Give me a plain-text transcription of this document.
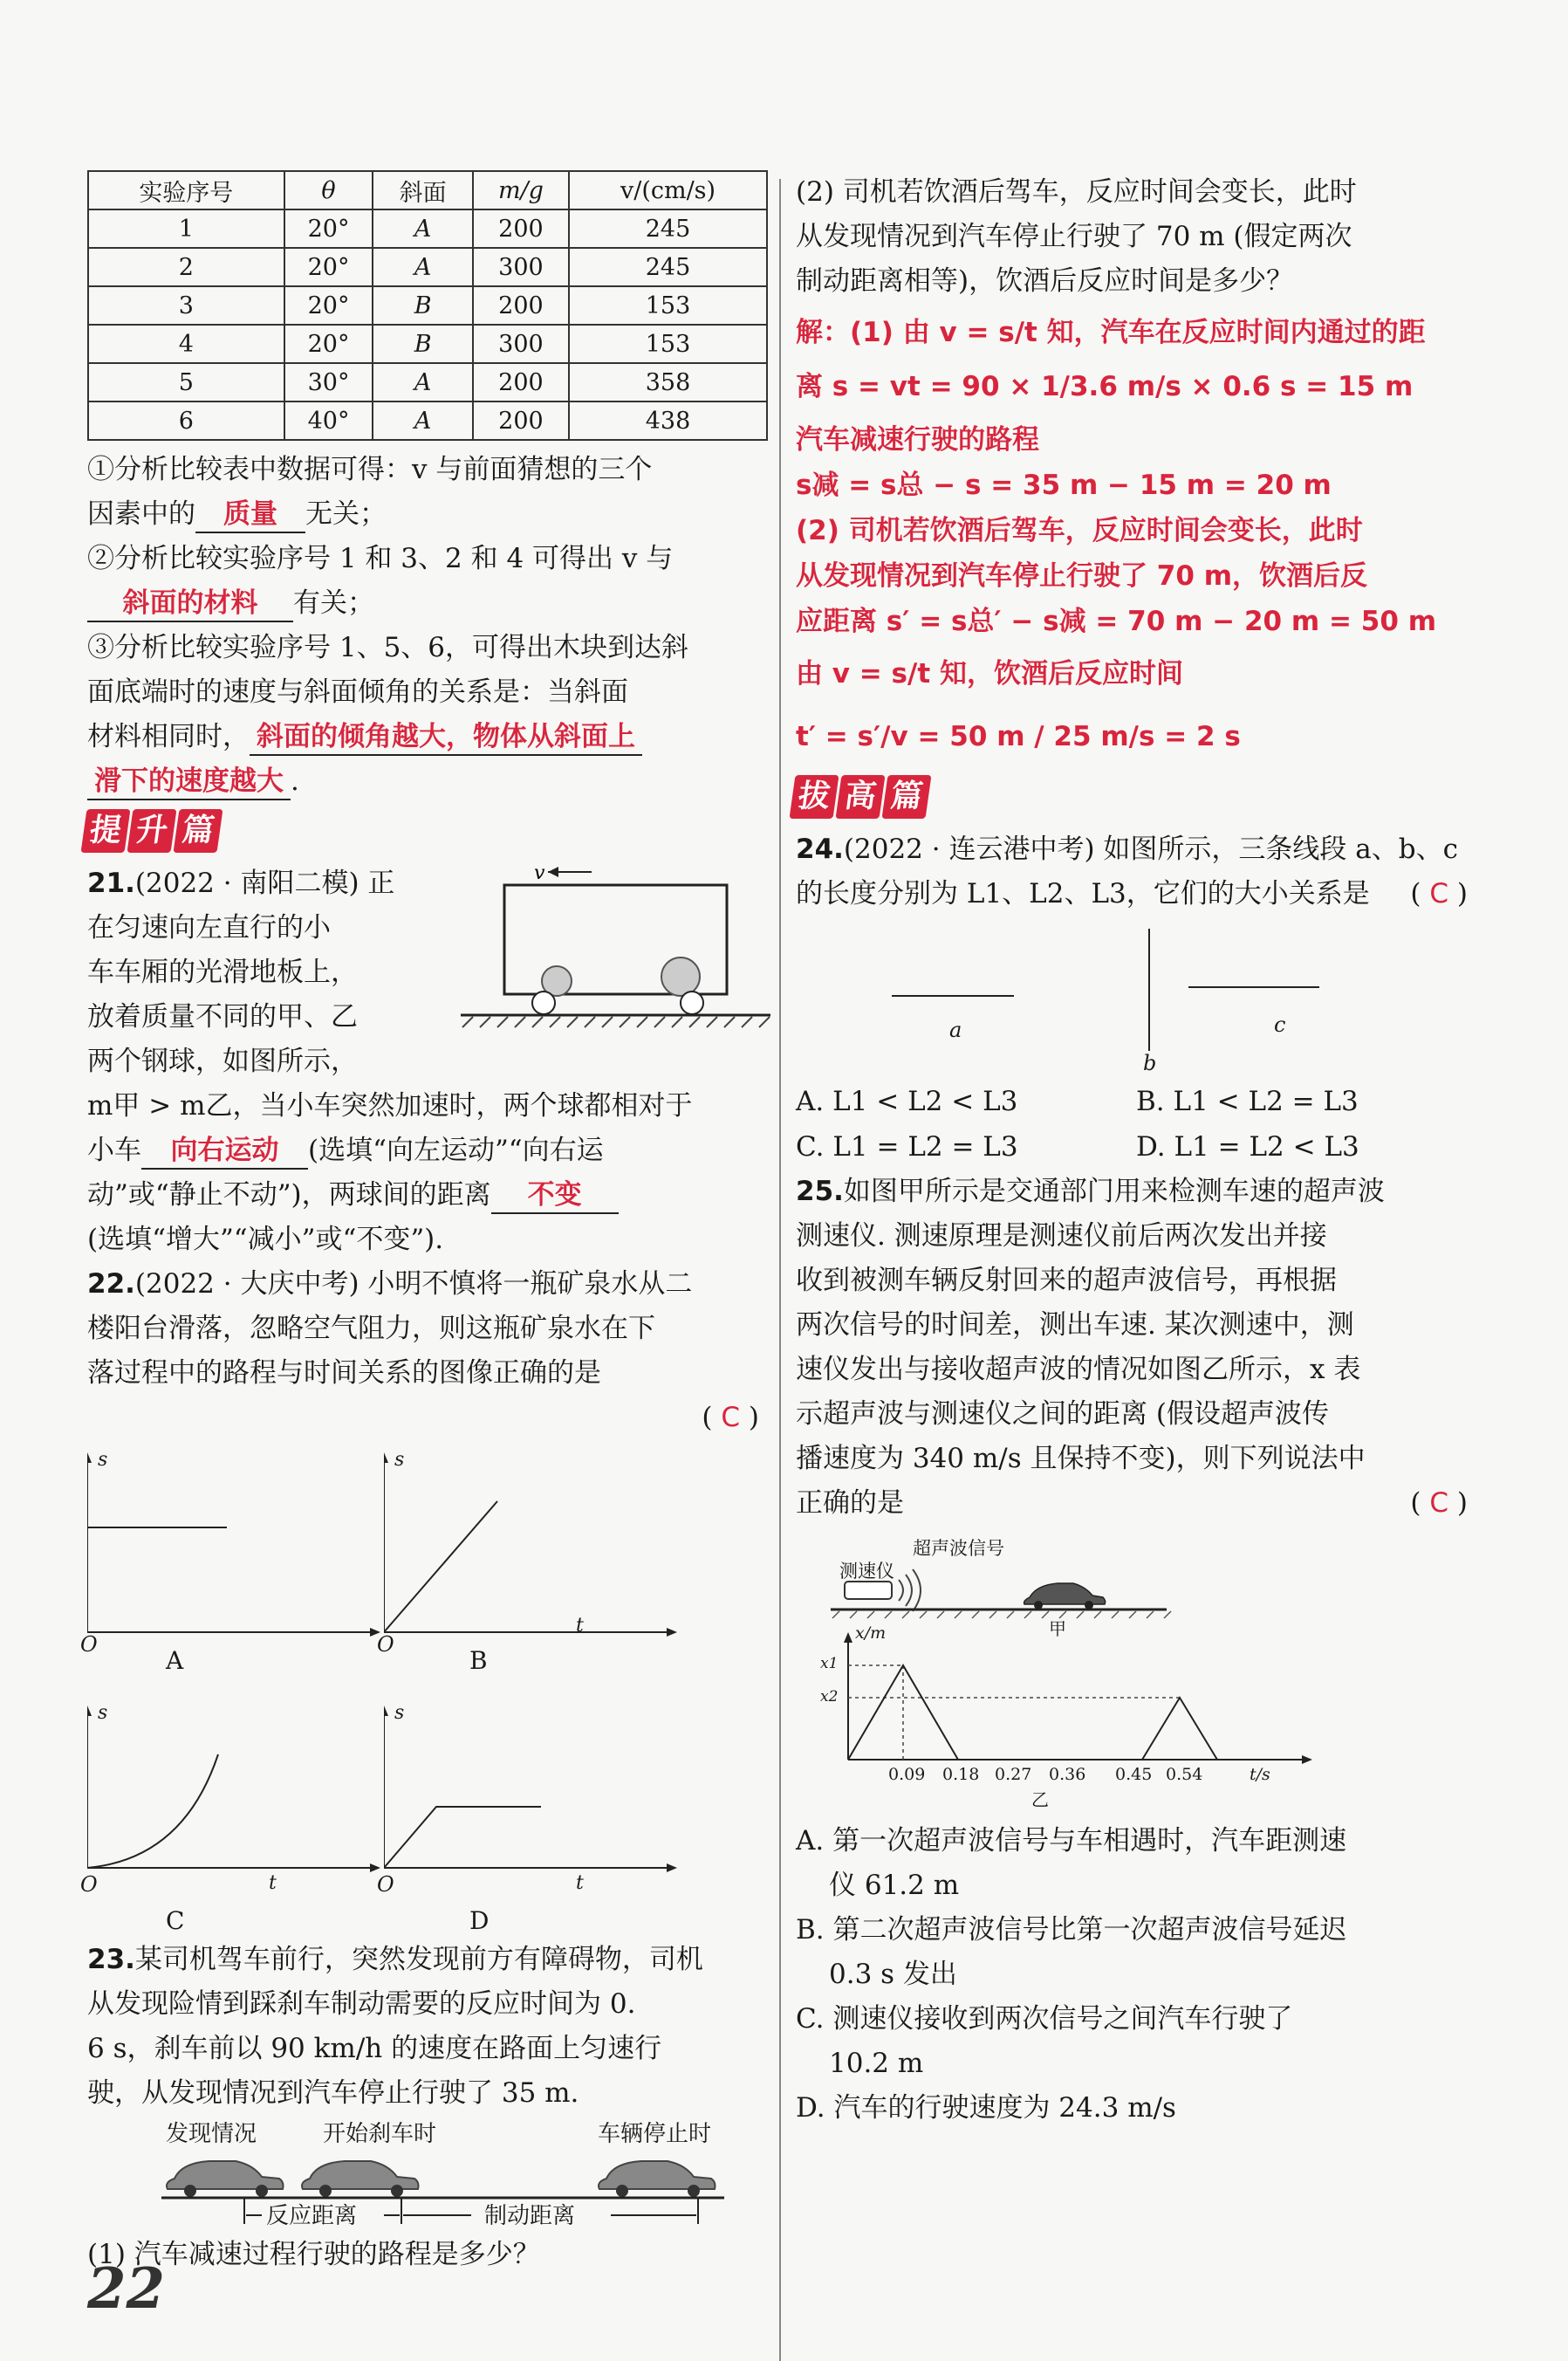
实验序号	θ	斜面	m/g	v/(cm/s)
1	20°	A	200	245
2	20°	A	300	245
3	20°	B	200	153
4	20°	B	300	153
5	30°	A	200	358
6	40°	A	200	438

①分析比较表中数据可得：v 与前面猜想的三个

因素中的 质量 无关；

②分析比较实验序号 1 和 3、2 和 4 可得出 v 与

斜面的材料 有关；

③分析比较实验序号 1、5、6，可得出木块到达斜

面底端时的速度与斜面倾角的关系是：当斜面

材料相同时， 斜面的倾角越大，物体从斜面上

滑下的速度越大 .

提 升 篇
v

21.(2022 · 南阳二模) 正

在匀速向左直行的小

车车厢的光滑地板上，

放着质量不同的甲、乙

两个钢球，如图所示，

m甲 > m乙，当小车突然加速时，两个球都相对于

小车 向右运动 (选填“向左运动”“向右运

动”或“静止不动”)，两球间的距离 不变

(选填“增大”“减小”或“不变”).

22.(2022 · 大庆中考) 小明不慎将一瓶矿泉水从二

楼阳台滑落，忽略空气阻力，则这瓶矿泉水在下

落过程中的路程与时间关系的图像正确的是

( C )

s
O
A
s
t
O
B
s
t
O
C
s
t
O
D

23.某司机驾车前行，突然发现前方有障碍物，司机

从发现险情到踩刹车制动需要的反应时间为 0.

6 s，刹车前以 90 km/h 的速度在路面上匀速行

驶，从发现情况到汽车停止行驶了 35 m.

发现情况	开始刹车时	车辆停止时
反应距离	制动距离

(1) 汽车减速过程行驶的路程是多少？

(2) 司机若饮酒后驾车，反应时间会变长，此时

从发现情况到汽车停止行驶了 70 m (假定两次

制动距离相等)，饮酒后反应时间是多少？

解：(1) 由 v = s/t 知，汽车在反应时间内通过的距

离 s = vt = 90 × 1/3.6 m/s × 0.6 s = 15 m

汽车减速行驶的路程

s减 = s总 − s = 35 m − 15 m = 20 m

(2) 司机若饮酒后驾车，反应时间会变长，此时

从发现情况到汽车停止行驶了 70 m，饮酒后反

应距离 s′ = s总′ − s减 = 70 m − 20 m = 50 m

由 v = s/t 知，饮酒后反应时间

t′ = s′/v = 50 m / 25 m/s = 2 s

拔 高 篇

24.(2022 · 连云港中考) 如图所示，三条线段 a、b、c

的长度分别为 L1、L2、L3，它们的大小关系是 ( C )

a
b
c
A. L1 < L2 < L3	B. L1 < L2 = L3
C. L1 = L2 = L3	D. L1 = L2 < L3

25.如图甲所示是交通部门用来检测车速的超声波

测速仪. 测速原理是测速仪前后两次发出并接

收到被测车辆反射回来的超声波信号，再根据

两次信号的时间差，测出车速. 某次测速中，测

速仪发出与接收超声波的情况如图乙所示，x 表

示超声波与测速仪之间的距离 (假设超声波传

播速度为 340 m/s 且保持不变)，则下列说法中

正确的是	( C )

超声波信号
测速仪
甲
x/m
x1
x2
0.09 0.18 0.27 0.36 0.45 0.54	t/s
乙

A. 第一次超声波信号与车相遇时，汽车距测速

仪 61.2 m

B. 第二次超声波信号比第一次超声波信号延迟

0.3 s 发出

C. 测速仪接收到两次信号之间汽车行驶了

10.2 m

D. 汽车的行驶速度为 24.3 m/s

22
